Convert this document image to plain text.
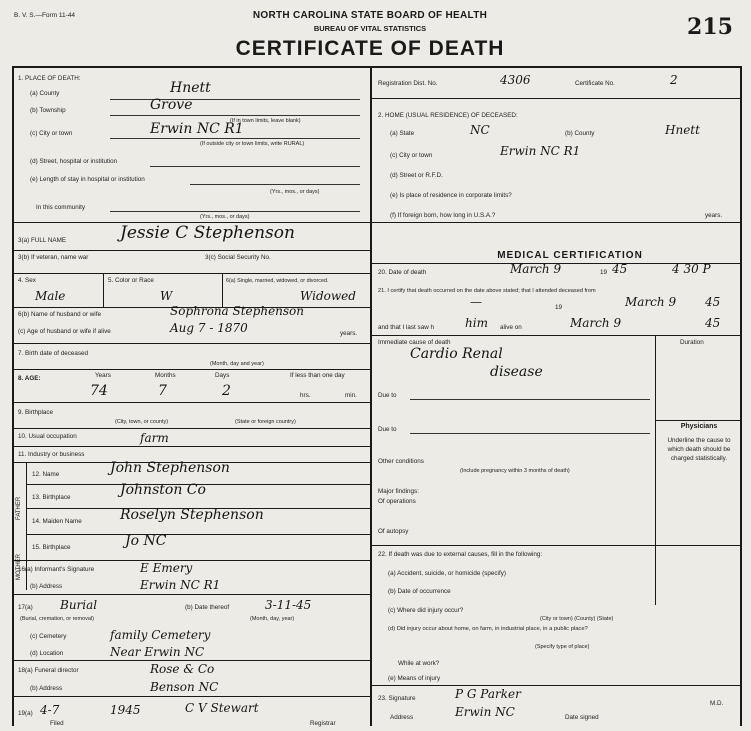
B. V. S.—Form 11-44	NORTH CAROLINA STATE BOARD OF HEALTH
BUREAU OF VITAL STATISTICS
CERTIFICATE OF DEATH
215
1. PLACE OF DEATH:
(a) County	Hnett
(b) Township	Grove
(If in town limits, leave blank)
(c) City or town	Erwin NC R1
(If outside city or town limits, write RURAL)
(d) Street, hospital or institution
(e) Length of stay in hospital or institution
(Yrs., mos., or days)
In this community
(Yrs., mos., or days)
3(a) FULL NAME	Jessie C Stephenson
3(b) If veteran, name war	3(c) Social Security No.
4. Sex
Male
5. Color or Race
W
6(a) Single, married, widowed, or divorced.
Widowed
6(b) Name of husband or wife	Sophrona Stephenson
(c) Age of husband or wife if alive	Aug 7 - 1870	years.
7. Birth date of deceased
(Month, day and year)
8. AGE:	Years	Months	Days
74	7	2
If less than one day
hrs.	min.
9. Birthplace
(City, town, or county)	(State or foreign country)
10. Usual occupation	farm
11. Industry or business
FATHER
MOTHER
12. Name	John Stephenson
13. Birthplace	Johnston Co
14. Maiden Name	Roselyn Stephenson
15. Birthplace	Jo NC
16(a) Informant's Signature	E Emery
(b) Address	Erwin NC R1
17(a) Burial	(b) Date thereof	3-11-45
(Burial, cremation, or removal)	(Month, day, year)
(c) Cemetery	family Cemetery
(d) Location	Near Erwin NC
18(a) Funeral director	Rose & Co
(b) Address	Benson NC
19(a) 4-7	1945
Filed
C V Stewart
Registrar
Registration Dist. No.	4306	Certificate No.	2
2. HOME (USUAL RESIDENCE) OF DECEASED:
(a) State	NC	(b) County	Hnett
(c) City or town	Erwin NC R1
(d) Street or R.F.D.
(e) Is place of residence in corporate limits?
(f) If foreign born, how long in U.S.A.?	years.
MEDICAL CERTIFICATION
20. Date of death	March 9	19 45	4 30 P
21. I certify that death occurred on the date above stated; that I attended deceased from
—	19	March 9 45
and that I last saw h	him alive on	March 9	45
Immediate cause of death	Duration
Cardio Renal
disease
Due to
Due to	Physicians
Underline the cause to which death should be charged statistically.
Other conditions
(Include pregnancy within 3 months of death)
Major findings:
Of operations
Of autopsy
22. If death was due to external causes, fill in the following:
(a) Accident, suicide, or homicide (specify)
(b) Date of occurrence
(c) Where did injury occur?
(City or town) (County) (State)
(d) Did injury occur about home, on farm, in industrial place, in a public place?
(Specify type of place)
While at work?
(e) Means of injury
23. Signature	P G Parker
M.D.
Address	Erwin NC	Date signed
